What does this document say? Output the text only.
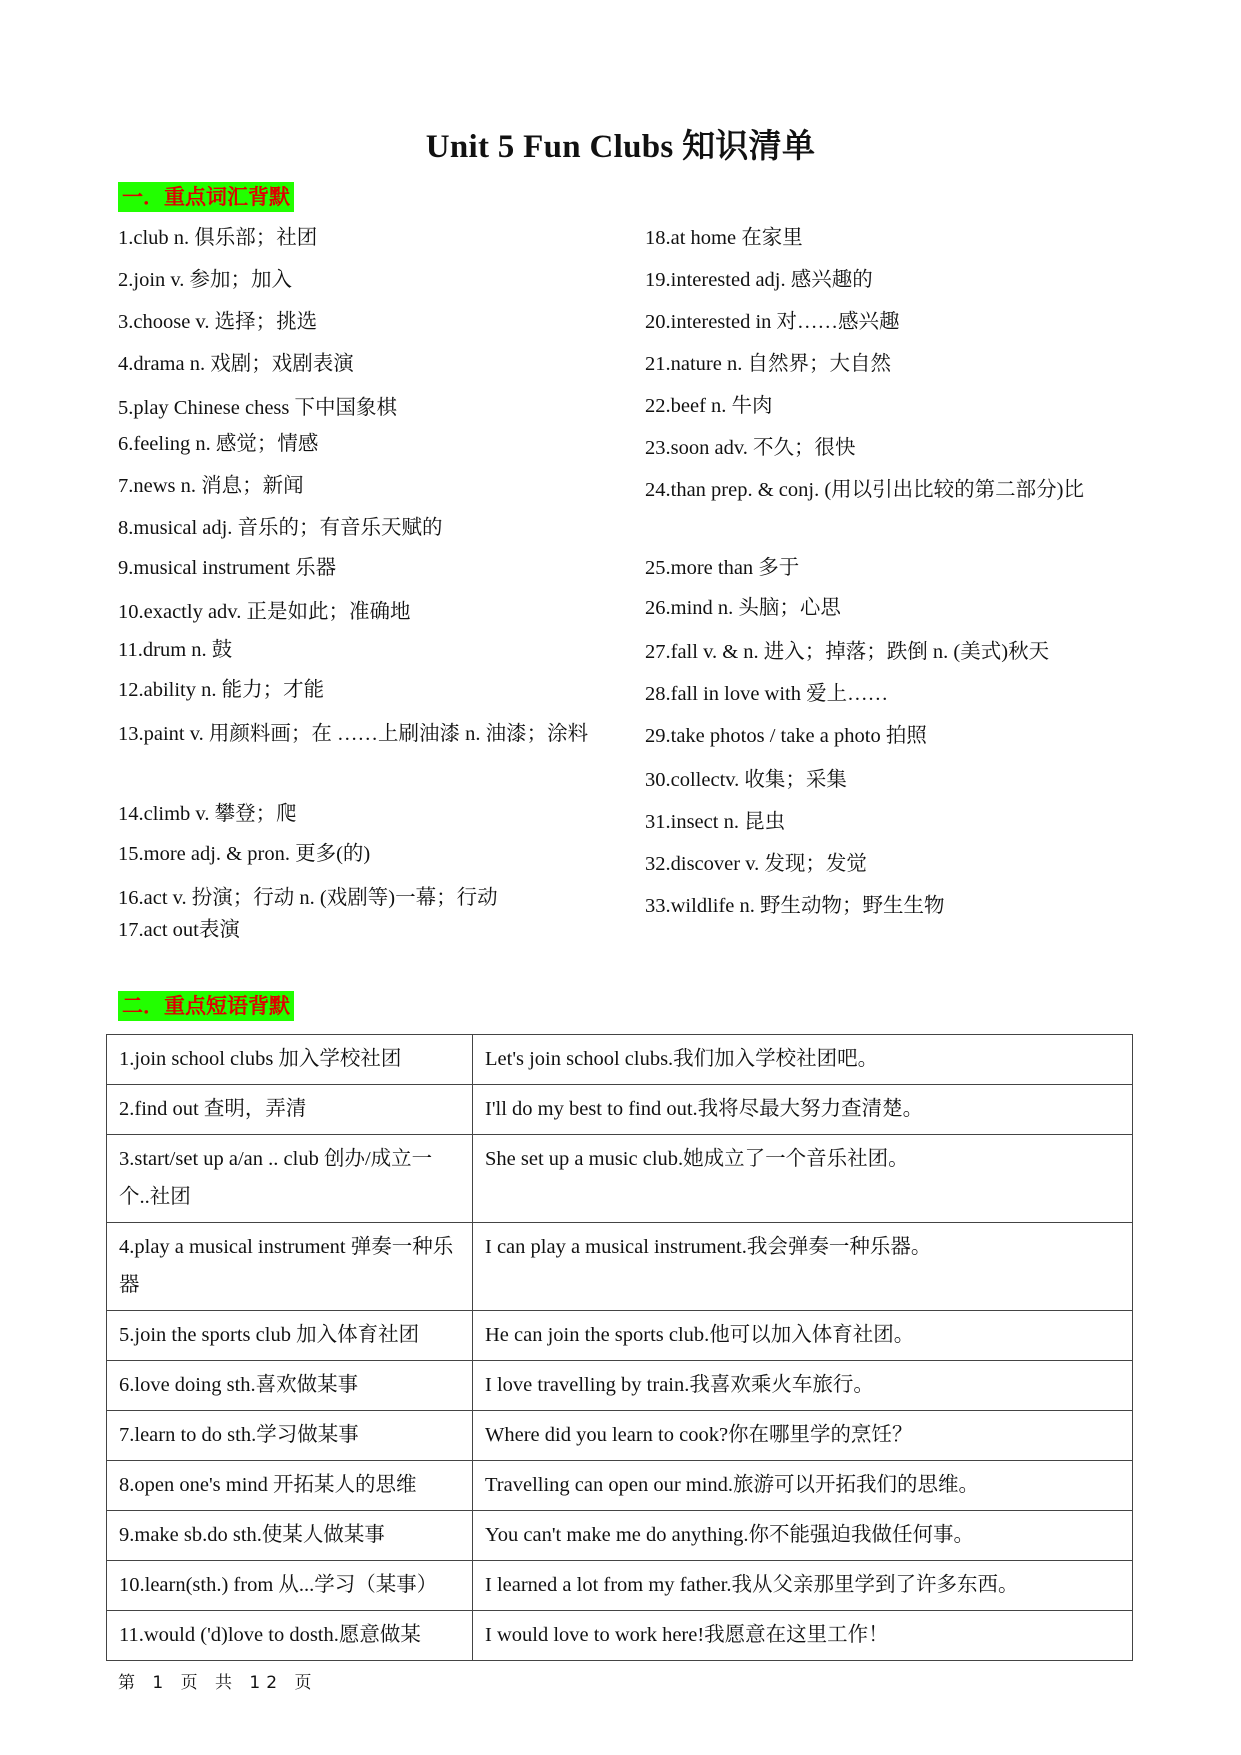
Unit 5 Fun Clubs 知识清单
一．重点词汇背默
1.club n. 俱乐部；社团
2.join v. 参加；加入
3.choose v. 选择；挑选
4.drama n. 戏剧；戏剧表演
5.play Chinese chess 下中国象棋
6.feeling n. 感觉；情感
7.news n. 消息；新闻
8.musical adj. 音乐的；有音乐天赋的
9.musical instrument 乐器
10.exactly adv. 正是如此；准确地
11.drum n. 鼓
12.ability n. 能力；才能
13.paint v. 用颜料画；在 ……上刷油漆 n. 油漆；涂料
14.climb v. 攀登；爬
15.more adj. & pron. 更多(的)
16.act v. 扮演；行动 n. (戏剧等)一幕；行动
17.act out表演
18.at home 在家里
19.interested adj. 感兴趣的
20.interested in 对……感兴趣
21.nature n. 自然界；大自然
22.beef n. 牛肉
23.soon adv. 不久；很快
24.than prep. & conj. (用以引出比较的第二部分)比
25.more than 多于
26.mind n. 头脑；心思
27.fall v. & n. 进入；掉落；跌倒 n. (美式)秋天
28.fall in love with 爱上……
29.take photos / take a photo 拍照
30.collectv. 收集；采集
31.insect n. 昆虫
32.discover v. 发现；发觉
33.wildlife n. 野生动物；野生生物
二．重点短语背默
1.join school clubs 加入学校社团	Let's join school clubs.我们加入学校社团吧。
2.find out 查明，弄清	I'll do my best to find out.我将尽最大努力查清楚。
3.start/set up a/an .. club 创办/成立一个..社团	She set up a music club.她成立了一个音乐社团。
4.play a musical instrument 弹奏一种乐器	I can play a musical instrument.我会弹奏一种乐器。
5.join the sports club 加入体育社团	He can join the sports club.他可以加入体育社团。
6.love doing sth.喜欢做某事	I love travelling by train.我喜欢乘火车旅行。
7.learn to do sth.学习做某事	Where did you learn to cook?你在哪里学的烹饪？
8.open one's mind 开拓某人的思维	Travelling can open our mind.旅游可以开拓我们的思维。
9.make sb.do sth.使某人做某事	You can't make me do anything.你不能强迫我做任何事。
10.learn(sth.) from 从...学习（某事）	I learned a lot from my father.我从父亲那里学到了许多东西。
11.would ('d)love to dosth.愿意做某	I would love to work here!我愿意在这里工作！
第 1 页 共 12 页
